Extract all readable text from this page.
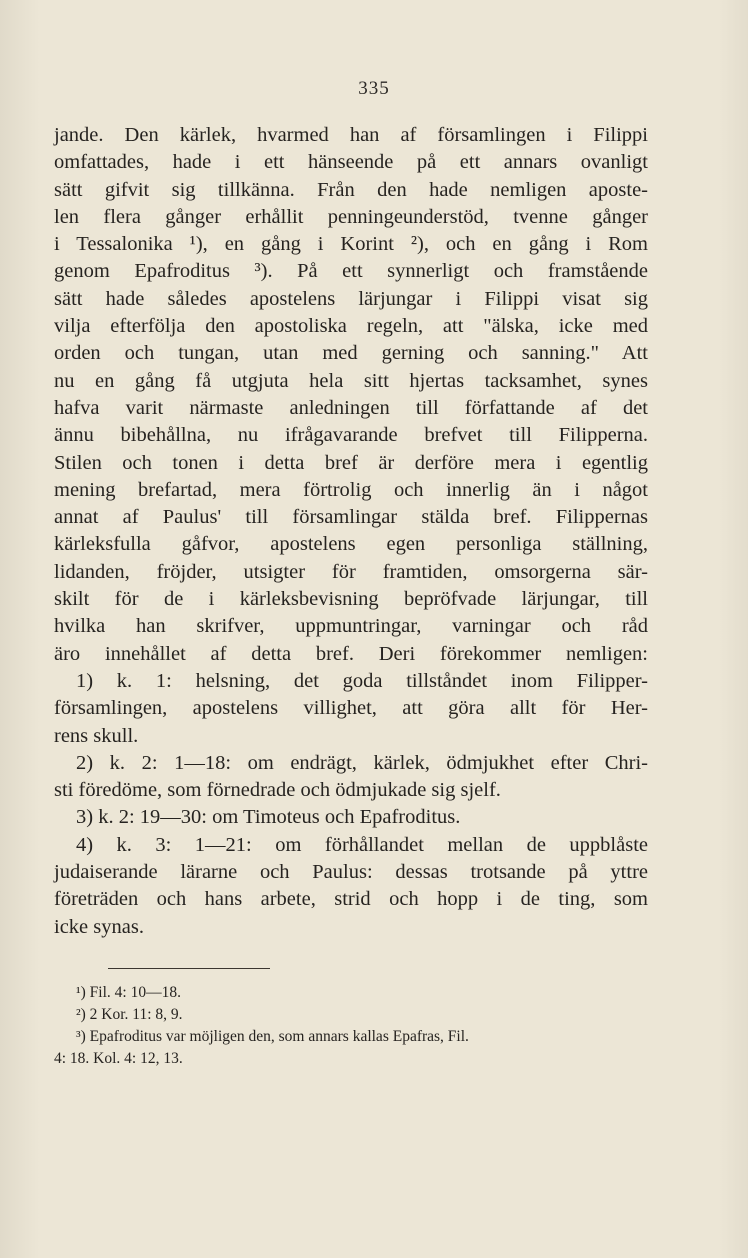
335
jande. Den kärlek, hvarmed han af församlingen i Filippi
omfattades, hade i ett hänseende på ett annars ovanligt
sätt gifvit sig tillkänna. Från den hade nemligen aposte-
len flera gånger erhållit penningeunderstöd, tvenne gånger
i Tessalonika ¹), en gång i Korint ²), och en gång i Rom
genom Epafroditus ³). På ett synnerligt och framstående
sätt hade således apostelens lärjungar i Filippi visat sig
vilja efterfölja den apostoliska regeln, att "älska, icke med
orden och tungan, utan med gerning och sanning." Att
nu en gång få utgjuta hela sitt hjertas tacksamhet, synes
hafva varit närmaste anledningen till författande af det
ännu bibehållna, nu ifrågavarande brefvet till Filipperna.
Stilen och tonen i detta bref är derföre mera i egentlig
mening brefartad, mera förtrolig och innerlig än i något
annat af Paulus' till församlingar stälda bref. Filippernas
kärleksfulla gåfvor, apostelens egen personliga ställning,
lidanden, fröjder, utsigter för framtiden, omsorgerna sär-
skilt för de i kärleksbevisning bepröfvade lärjungar, till
hvilka han skrifver, uppmuntringar, varningar och råd
äro innehållet af detta bref. Deri förekommer nemligen:
1) k. 1: helsning, det goda tillståndet inom Filipper-
församlingen, apostelens villighet, att göra allt för Her-
rens skull.
2) k. 2: 1—18: om endrägt, kärlek, ödmjukhet efter Chri-
sti föredöme, som förnedrade och ödmjukade sig sjelf.
3) k. 2: 19—30: om Timoteus och Epafroditus.
4) k. 3: 1—21: om förhållandet mellan de uppblåste
judaiserande lärarne och Paulus: dessas trotsande på yttre
företräden och hans arbete, strid och hopp i de ting, som
icke synas.
¹) Fil. 4: 10—18.
²) 2 Kor. 11: 8, 9.
³) Epafroditus var möjligen den, som annars kallas Epafras, Fil.
4: 18. Kol. 4: 12, 13.
